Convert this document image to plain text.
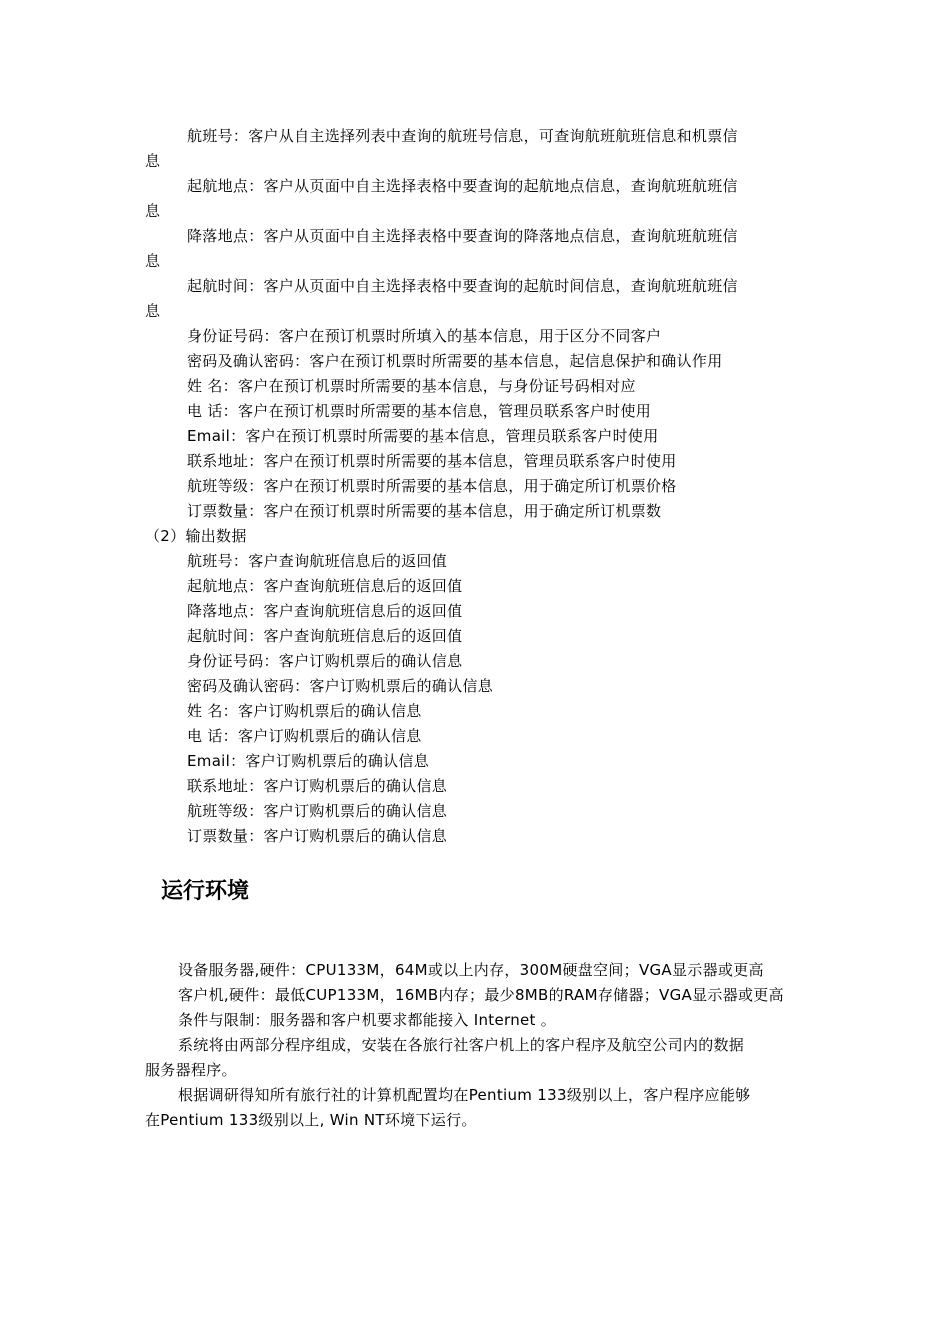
航班号：客户从自主选择列表中查询的航班号信息，可查询航班航班信息和机票信
息
起航地点：客户从页面中自主选择表格中要查询的起航地点信息，查询航班航班信
息
降落地点：客户从页面中自主选择表格中要查询的降落地点信息，查询航班航班信
息
起航时间：客户从页面中自主选择表格中要查询的起航时间信息，查询航班航班信
息
身份证号码：客户在预订机票时所填入的基本信息，用于区分不同客户
密码及确认密码：客户在预订机票时所需要的基本信息，起信息保护和确认作用
姓 名：客户在预订机票时所需要的基本信息，与身份证号码相对应
电 话：客户在预订机票时所需要的基本信息，管理员联系客户时使用
Email：客户在预订机票时所需要的基本信息，管理员联系客户时使用
联系地址：客户在预订机票时所需要的基本信息，管理员联系客户时使用
航班等级：客户在预订机票时所需要的基本信息，用于确定所订机票价格
订票数量：客户在预订机票时所需要的基本信息，用于确定所订机票数
（2）输出数据
航班号：客户查询航班信息后的返回值
起航地点：客户查询航班信息后的返回值
降落地点：客户查询航班信息后的返回值
起航时间：客户查询航班信息后的返回值
身份证号码：客户订购机票后的确认信息
密码及确认密码：客户订购机票后的确认信息
姓 名：客户订购机票后的确认信息
电 话：客户订购机票后的确认信息
Email：客户订购机票后的确认信息
联系地址：客户订购机票后的确认信息
航班等级：客户订购机票后的确认信息
订票数量：客户订购机票后的确认信息
运行环境
设备服务器,硬件：CPU133M，64M或以上内存，300M硬盘空间；VGA显示器或更高
客户机,硬件：最低CUP133M，16MB内存；最少8MB的RAM存储器；VGA显示器或更高
条件与限制：服务器和客户机要求都能接入 Internet 。
系统将由两部分程序组成，安装在各旅行社客户机上的客户程序及航空公司内的数据
服务器程序。
根据调研得知所有旅行社的计算机配置均在Pentium 133级别以上，客户程序应能够
在Pentium 133级别以上, Win NT环境下运行。
